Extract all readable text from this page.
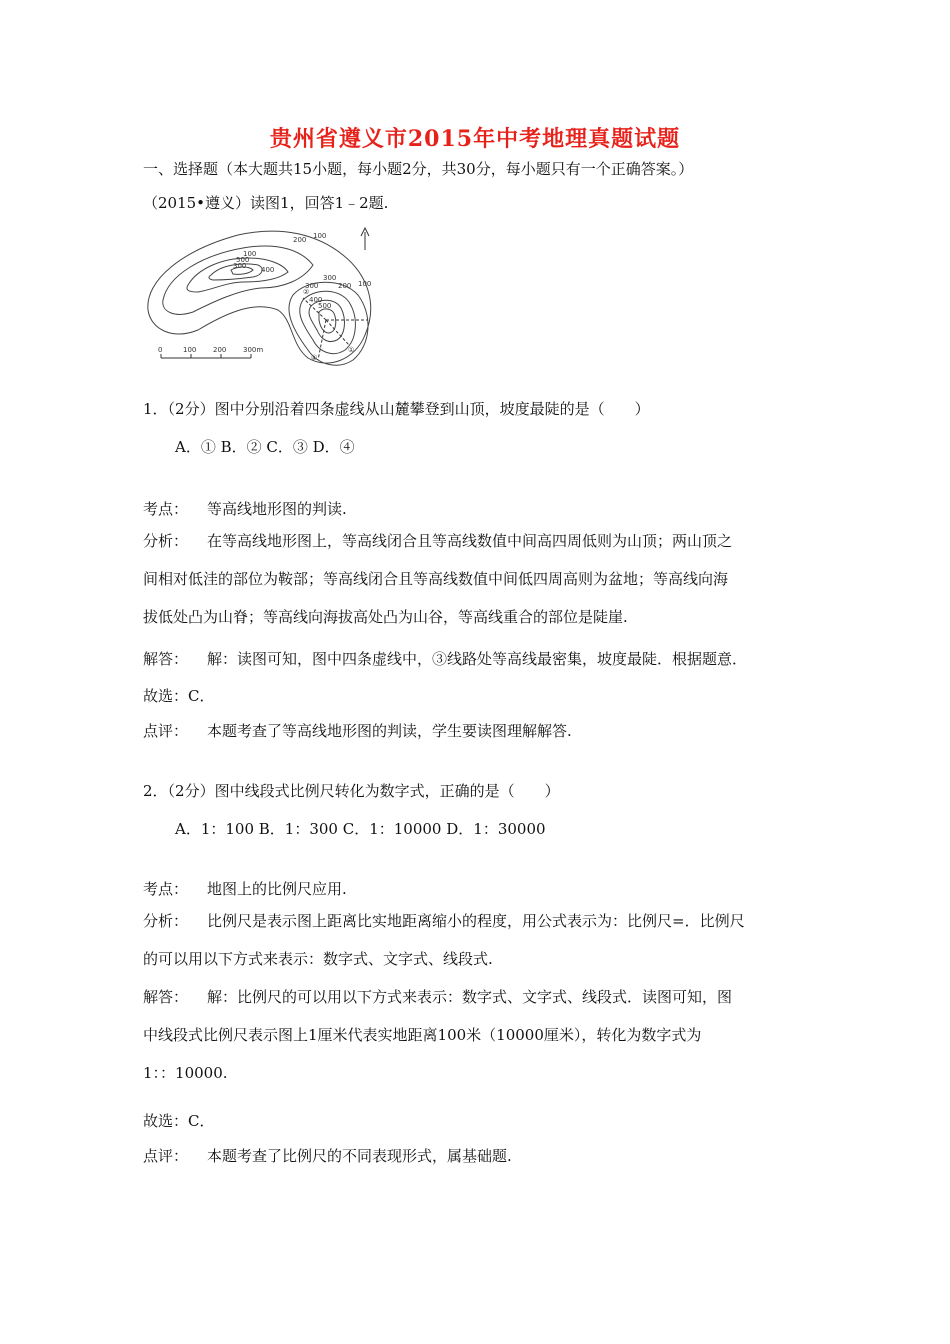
贵州省遵义市2015年中考地理真题试题
一、选择题（本大题共15小题，每小题2分，共30分，每小题只有一个正确答案。）
（2015•遵义）读图1，回答1﹣2题.
100
200
100
300 400
500
200
300
100
300
400
500
②
④
①
0	100 200 300m
1．（2分）图中分别沿着四条虚线从山麓攀登到山顶，坡度最陡的是（　　）
A．① B．② C．③ D．④
考点： 等高线地形图的判读.
分析： 在等高线地形图上，等高线闭合且等高线数值中间高四周低则为山顶；两山顶之
间相对低洼的部位为鞍部；等高线闭合且等高线数值中间低四周高则为盆地；等高线向海
拔低处凸为山脊；等高线向海拔高处凸为山谷，等高线重合的部位是陡崖.
解答： 解：读图可知，图中四条虚线中，③线路处等高线最密集，坡度最陡．根据题意．
故选：C．
点评： 本题考查了等高线地形图的判读，学生要读图理解解答.
2．（2分）图中线段式比例尺转化为数字式，正确的是（　　）
A．1：100 B．1：300 C．1：10000 D．1：30000
考点： 地图上的比例尺应用.
分析： 比例尺是表示图上距离比实地距离缩小的程度，用公式表示为：比例尺=．比例尺
的可以用以下方式来表示：数字式、文字式、线段式.
解答： 解：比例尺的可以用以下方式来表示：数字式、文字式、线段式．读图可知，图
中线段式比例尺表示图上1厘米代表实地距离100米（10000厘米），转化为数字式为
1：：10000.
故选：C．
点评： 本题考查了比例尺的不同表现形式，属基础题.
